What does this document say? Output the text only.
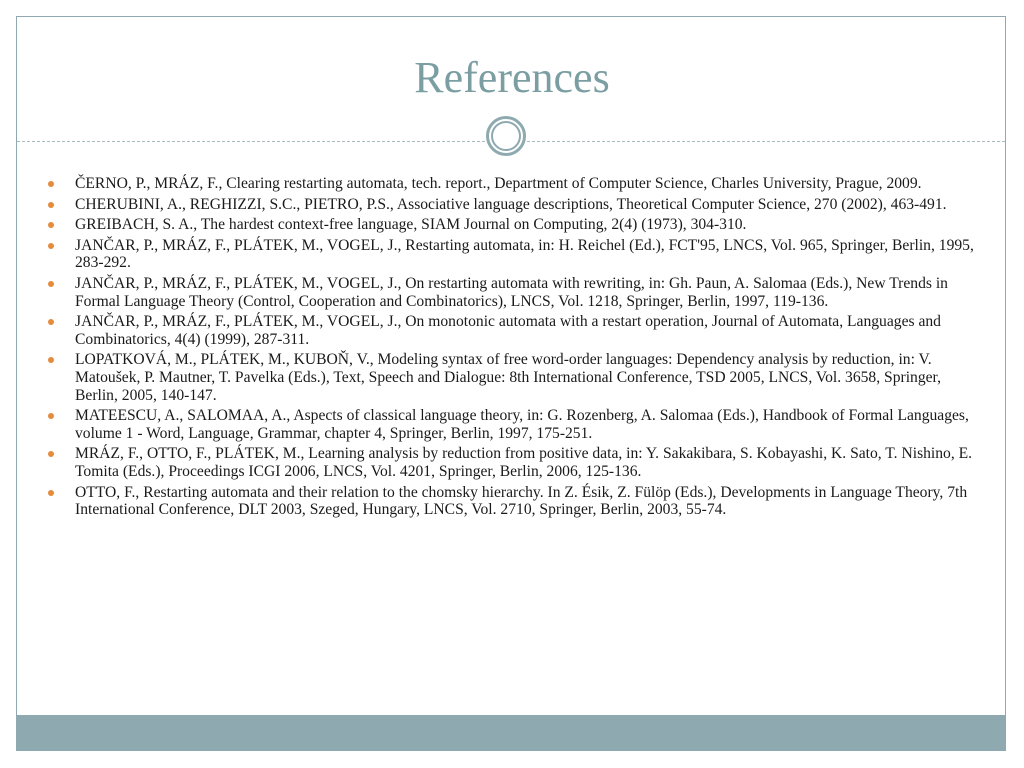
References
ČERNO, P., MRÁZ, F., Clearing restarting automata, tech. report., Department of Computer Science, Charles University, Prague, 2009.
CHERUBINI, A., REGHIZZI, S.C., PIETRO, P.S., Associative language descriptions, Theoretical Computer Science, 270 (2002), 463-491.
GREIBACH, S. A., The hardest context-free language, SIAM Journal on Computing, 2(4) (1973), 304-310.
JANČAR, P., MRÁZ, F., PLÁTEK, M., VOGEL, J., Restarting automata, in: H. Reichel (Ed.), FCT'95, LNCS, Vol. 965, Springer, Berlin, 1995, 283-292.
JANČAR, P., MRÁZ, F., PLÁTEK, M., VOGEL, J., On restarting automata with rewriting, in: Gh. Paun, A. Salomaa (Eds.), New Trends in Formal Language Theory (Control, Cooperation and Combinatorics), LNCS, Vol. 1218, Springer, Berlin, 1997, 119-136.
JANČAR, P., MRÁZ, F., PLÁTEK, M., VOGEL, J., On monotonic automata with a restart operation, Journal of Automata, Languages and Combinatorics, 4(4) (1999), 287-311.
LOPATKOVÁ, M., PLÁTEK, M., KUBOŇ, V., Modeling syntax of free word-order languages: Dependency analysis by reduction, in: V. Matoušek, P. Mautner, T. Pavelka (Eds.), Text, Speech and Dialogue: 8th International Conference, TSD 2005, LNCS, Vol. 3658, Springer, Berlin, 2005, 140-147.
MATEESCU, A., SALOMAA, A., Aspects of classical language theory, in: G. Rozenberg, A. Salomaa (Eds.), Handbook of Formal Languages, volume 1 - Word, Language, Grammar, chapter 4, Springer, Berlin, 1997, 175-251.
MRÁZ, F., OTTO, F., PLÁTEK, M., Learning analysis by reduction from positive data, in: Y. Sakakibara, S. Kobayashi, K. Sato, T. Nishino, E. Tomita (Eds.), Proceedings ICGI 2006, LNCS, Vol. 4201, Springer, Berlin, 2006, 125-136.
OTTO, F., Restarting automata and their relation to the chomsky hierarchy. In Z. Ésik, Z. Fülöp (Eds.), Developments in Language Theory, 7th International Conference, DLT 2003, Szeged, Hungary, LNCS, Vol. 2710, Springer, Berlin, 2003, 55-74.
